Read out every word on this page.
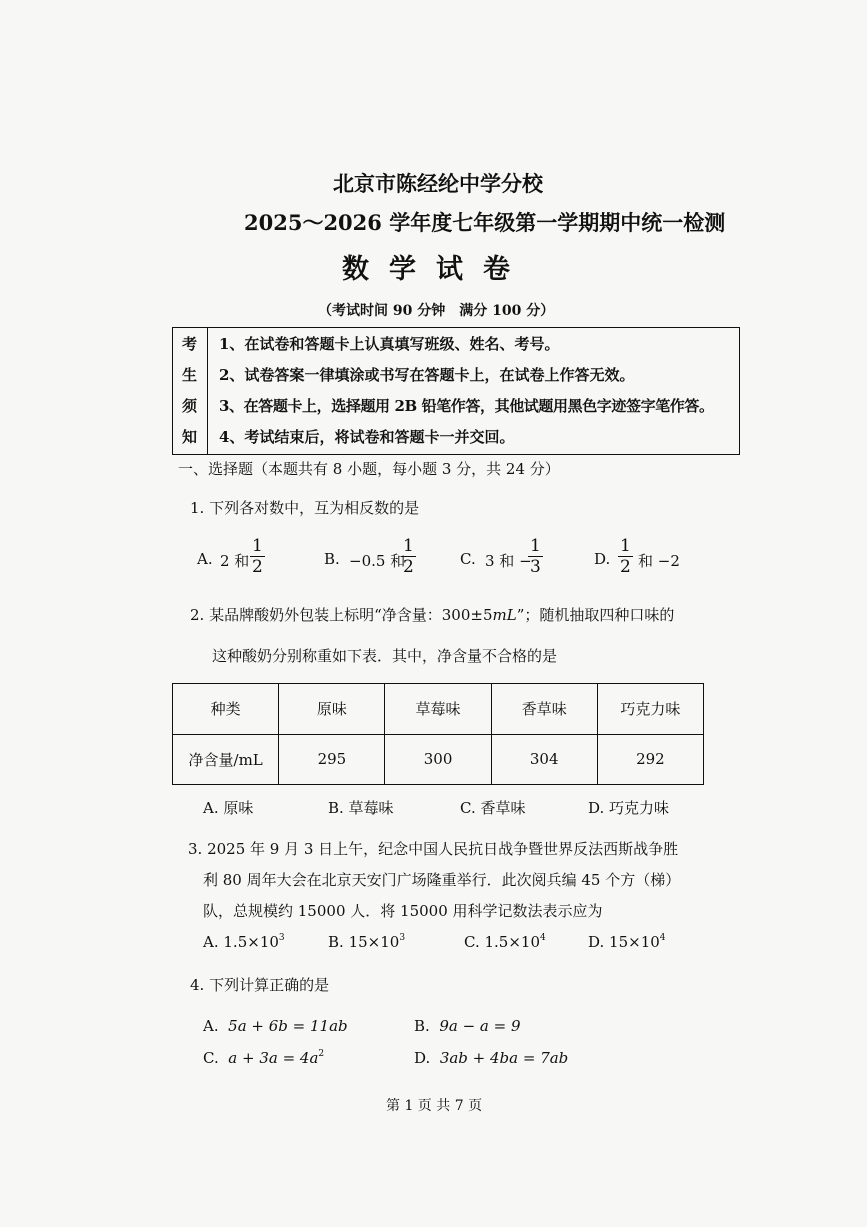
北京市陈经纶中学分校
2025～2026 学年度七年级第一学期期中统一检测
数学试卷
（考试时间 90 分钟　满分 100 分）
考
生
须
知
1、在试卷和答题卡上认真填写班级、姓名、考号。
2、试卷答案一律填涂或书写在答题卡上，在试卷上作答无效。
3、在答题卡上，选择题用 2B 铅笔作答，其他试题用黑色字迹签字笔作答。
4、考试结束后，将试卷和答题卡一并交回。
一、选择题（本题共有 8 小题，每小题 3 分，共 24 分）
1. 下列各对数中，互为相反数的是
A. 2 和 $\frac{1}{2}$	B. −0.5 和
$\frac{1}{2}$	C. 3 和 −
$\frac{1}{3}$	D. $\frac{1}{2}$ 和 −2
2. 某品牌酸奶外包装上标明“净含量：300±5mL”；随机抽取四种口味的
这种酸奶分别称重如下表．其中，净含量不合格的是
种类	原味	草莓味	香草味	巧克力味
净含量/mL	295	300	304	292
A. 原味	B. 草莓味	C. 香草味	D. 巧克力味
3. 2025 年 9 月 3 日上午，纪念中国人民抗日战争暨世界反法西斯战争胜
利 80 周年大会在北京天安门广场隆重举行．此次阅兵编 45 个方（梯）
队，总规模约 15000 人．将 15000 用科学记数法表示应为
A. $1.5\times 10^3$	B. $15\times 10^3$	C. $1.5\times 10^4$	D. $15\times 10^4$
4. 下列计算正确的是
A. 5a + 6b = 11ab	B. 9a − a = 9
C. $a + 3a = 4a^2$	D. 3ab + 4ba = 7ab
第 1 页 共 7 页
